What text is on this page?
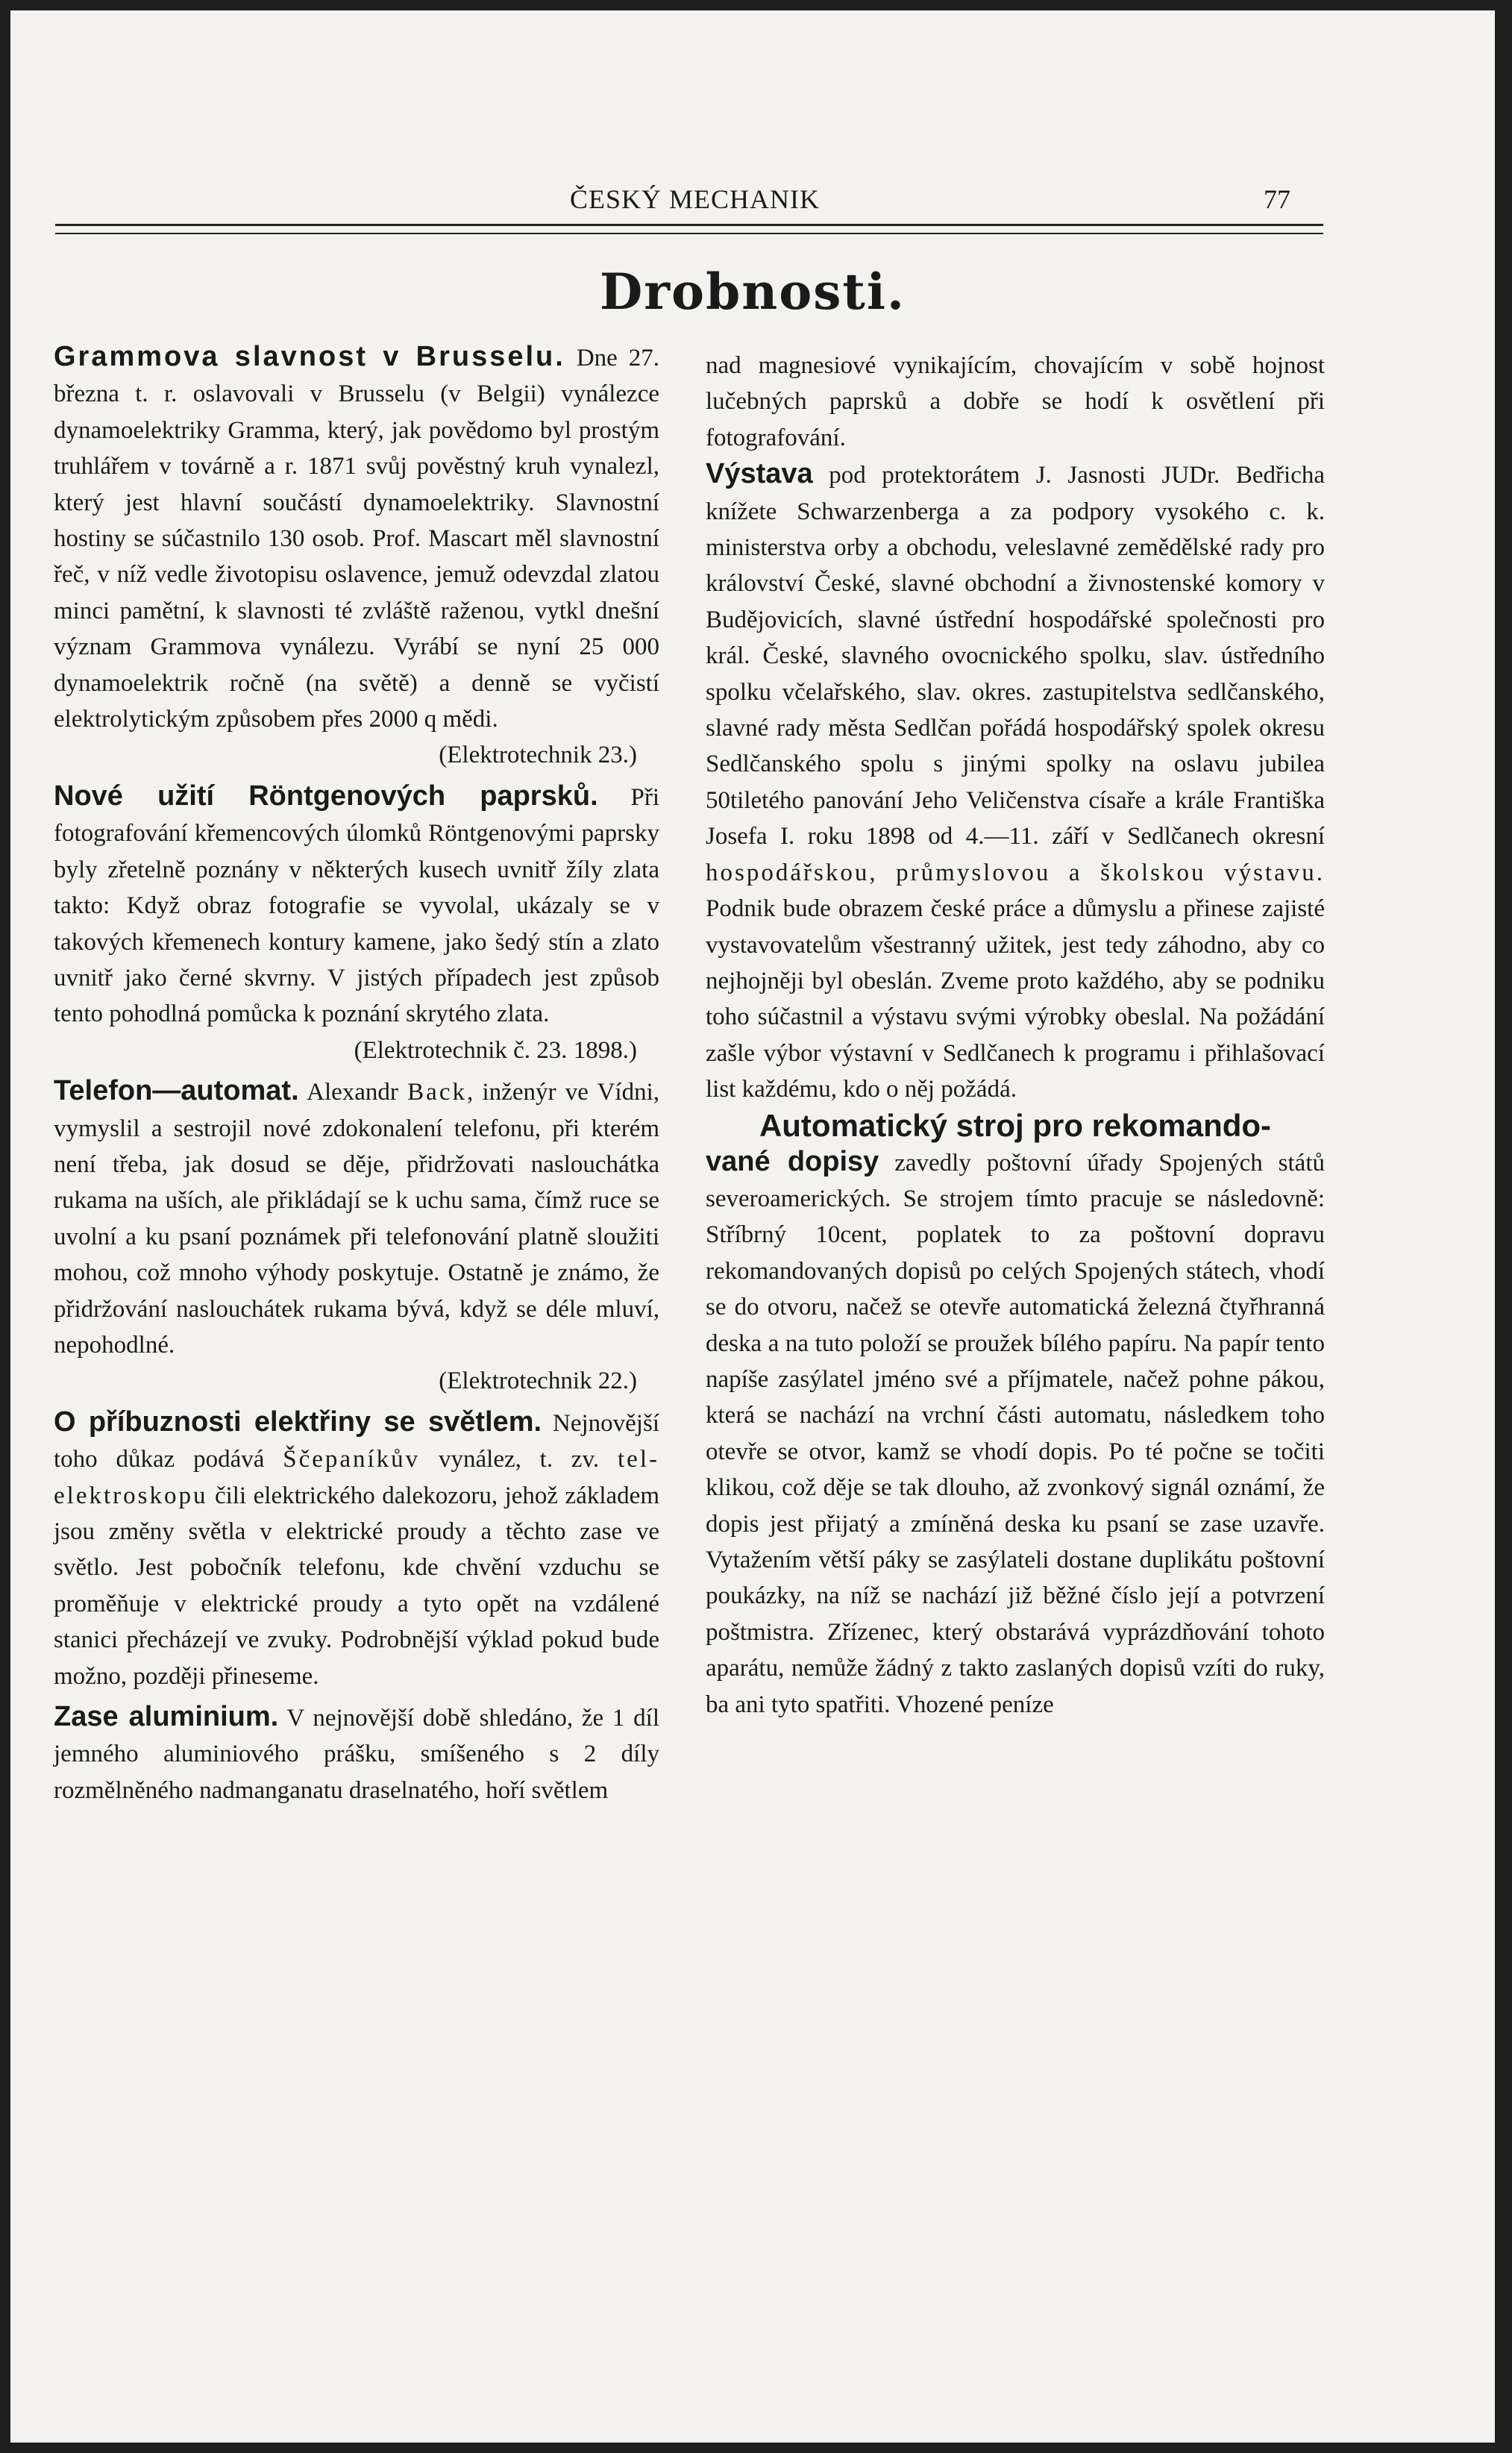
ČESKÝ MECHANIK	77
Drobnosti.

Grammova slavnost v Brusselu. Dne 27. března t. r. oslavovali v Brusselu (v Belgii) vynálezce dynamoelektriky Gramma, který, jak povědomo byl prostým truhlářem v továrně a r. 1871 svůj pověstný kruh vynalezl, který jest hlavní součástí dynamoelektriky. Slavnostní hostiny se súčastnilo 130 osob. Prof. Mascart měl slavnostní řeč, v níž vedle životopisu oslavence, jemuž odevzdal zlatou minci pamětní, k slavnosti té zvláště raženou, vytkl dnešní význam Grammova vynálezu. Vyrábí se nyní 25 000 dynamoelektrik ročně (na světě) a denně se vyčistí elektrolytickým způsobem přes 2000 q mědi.
(Elektrotechnik 23.)

Nové užití Röntgenových paprsků. Při fotografování křemencových úlomků Röntgenovými paprsky byly zřetelně poznány v některých kusech uvnitř žíly zlata takto: Když obraz fotografie se vyvolal, ukázaly se v takových křemenech kontury kamene, jako šedý stín a zlato uvnitř jako černé skvrny. V jistých případech jest způsob tento pohodlná pomůcka k poznání skrytého zlata.
(Elektrotechnik č. 23. 1898.)

Telefon—automat. Alexandr Back, inženýr ve Vídni, vymyslil a sestrojil nové zdokonalení telefonu, při kterém není třeba, jak dosud se děje, přidržovati naslouchátka rukama na uších, ale přikládají se k uchu sama, čímž ruce se uvolní a ku psaní poznámek při telefonování platně sloužiti mohou, což mnoho výhody poskytuje. Ostatně je známo, že přidržování naslouchátek rukama bývá, když se déle mluví, nepohodlné.
(Elektrotechnik 22.)

O příbuznosti elektřiny se světlem. Nejnovější toho důkaz podává Ščepaníkův vynález, t. zv. tel-elektroskopu čili elektrického dalekozoru, jehož základem jsou změny světla v elektrické proudy a těchto zase ve světlo. Jest pobočník telefonu, kde chvění vzduchu se proměňuje v elektrické proudy a tyto opět na vzdálené stanici přecházejí ve zvuky. Podrobnější výklad pokud bude možno, později přineseme.

Zase aluminium. V nejnovější době shledáno, že 1 díl jemného aluminiového prášku, smíšeného s 2 díly rozmělněného nadmanganatu draselnatého, hoří světlem

nad magnesiové vynikajícím, chovajícím v sobě hojnost lučebných paprsků a dobře se hodí k osvětlení při fotografování.

Výstava pod protektorátem J. Jasnosti JUDr. Bedřicha knížete Schwarzenberga a za podpory vysokého c. k. ministerstva orby a obchodu, veleslavné zemědělské rady pro království České, slavné obchodní a živnostenské komory v Budějovicích, slavné ústřední hospodářské společnosti pro král. České, slavného ovocnického spolku, slav. ústředního spolku včelařského, slav. okres. zastupitelstva sedlčanského, slavné rady města Sedlčan pořádá hospodářský spolek okresu Sedlčanského spolu s jinými spolky na oslavu jubilea 50tiletého panování Jeho Veličenstva císaře a krále Františka Josefa I. roku 1898 od 4.—11. září v Sedlčanech okresní hospodářskou, průmyslovou a školskou výstavu. Podnik bude obrazem české práce a důmyslu a přinese zajisté vystavovatelům všestranný užitek, jest tedy záhodno, aby co nejhojněji byl obeslán. Zveme proto každého, aby se podniku toho súčastnil a výstavu svými výrobky obeslal. Na požádání zašle výbor výstavní v Sedlčanech k programu i přihlašovací list každému, kdo o něj požádá.

Automatický stroj pro rekomando-
vané dopisy zavedly poštovní úřady Spojených států severoamerických. Se strojem tímto pracuje se následovně: Stříbrný 10cent, poplatek to za poštovní dopravu rekomandovaných dopisů po celých Spojených státech, vhodí se do otvoru, načež se otevře automatická železná čtyřhranná deska a na tuto položí se proužek bílého papíru. Na papír tento napíše zasýlatel jméno své a příjmatele, načež pohne pákou, která se nachází na vrchní části automatu, následkem toho otevře se otvor, kamž se vhodí dopis. Po té počne se točiti klikou, což děje se tak dlouho, až zvonkový signál oznámí, že dopis jest přijatý a zmíněná deska ku psaní se zase uzavře. Vytažením větší páky se zasýlateli dostane duplikátu poštovní poukázky, na níž se nachází již běžné číslo její a potvrzení poštmistra. Zřízenec, který obstarává vyprázdňování tohoto aparátu, nemůže žádný z takto zaslaných dopisů vzíti do ruky, ba ani tyto spatřiti. Vhozené peníze
